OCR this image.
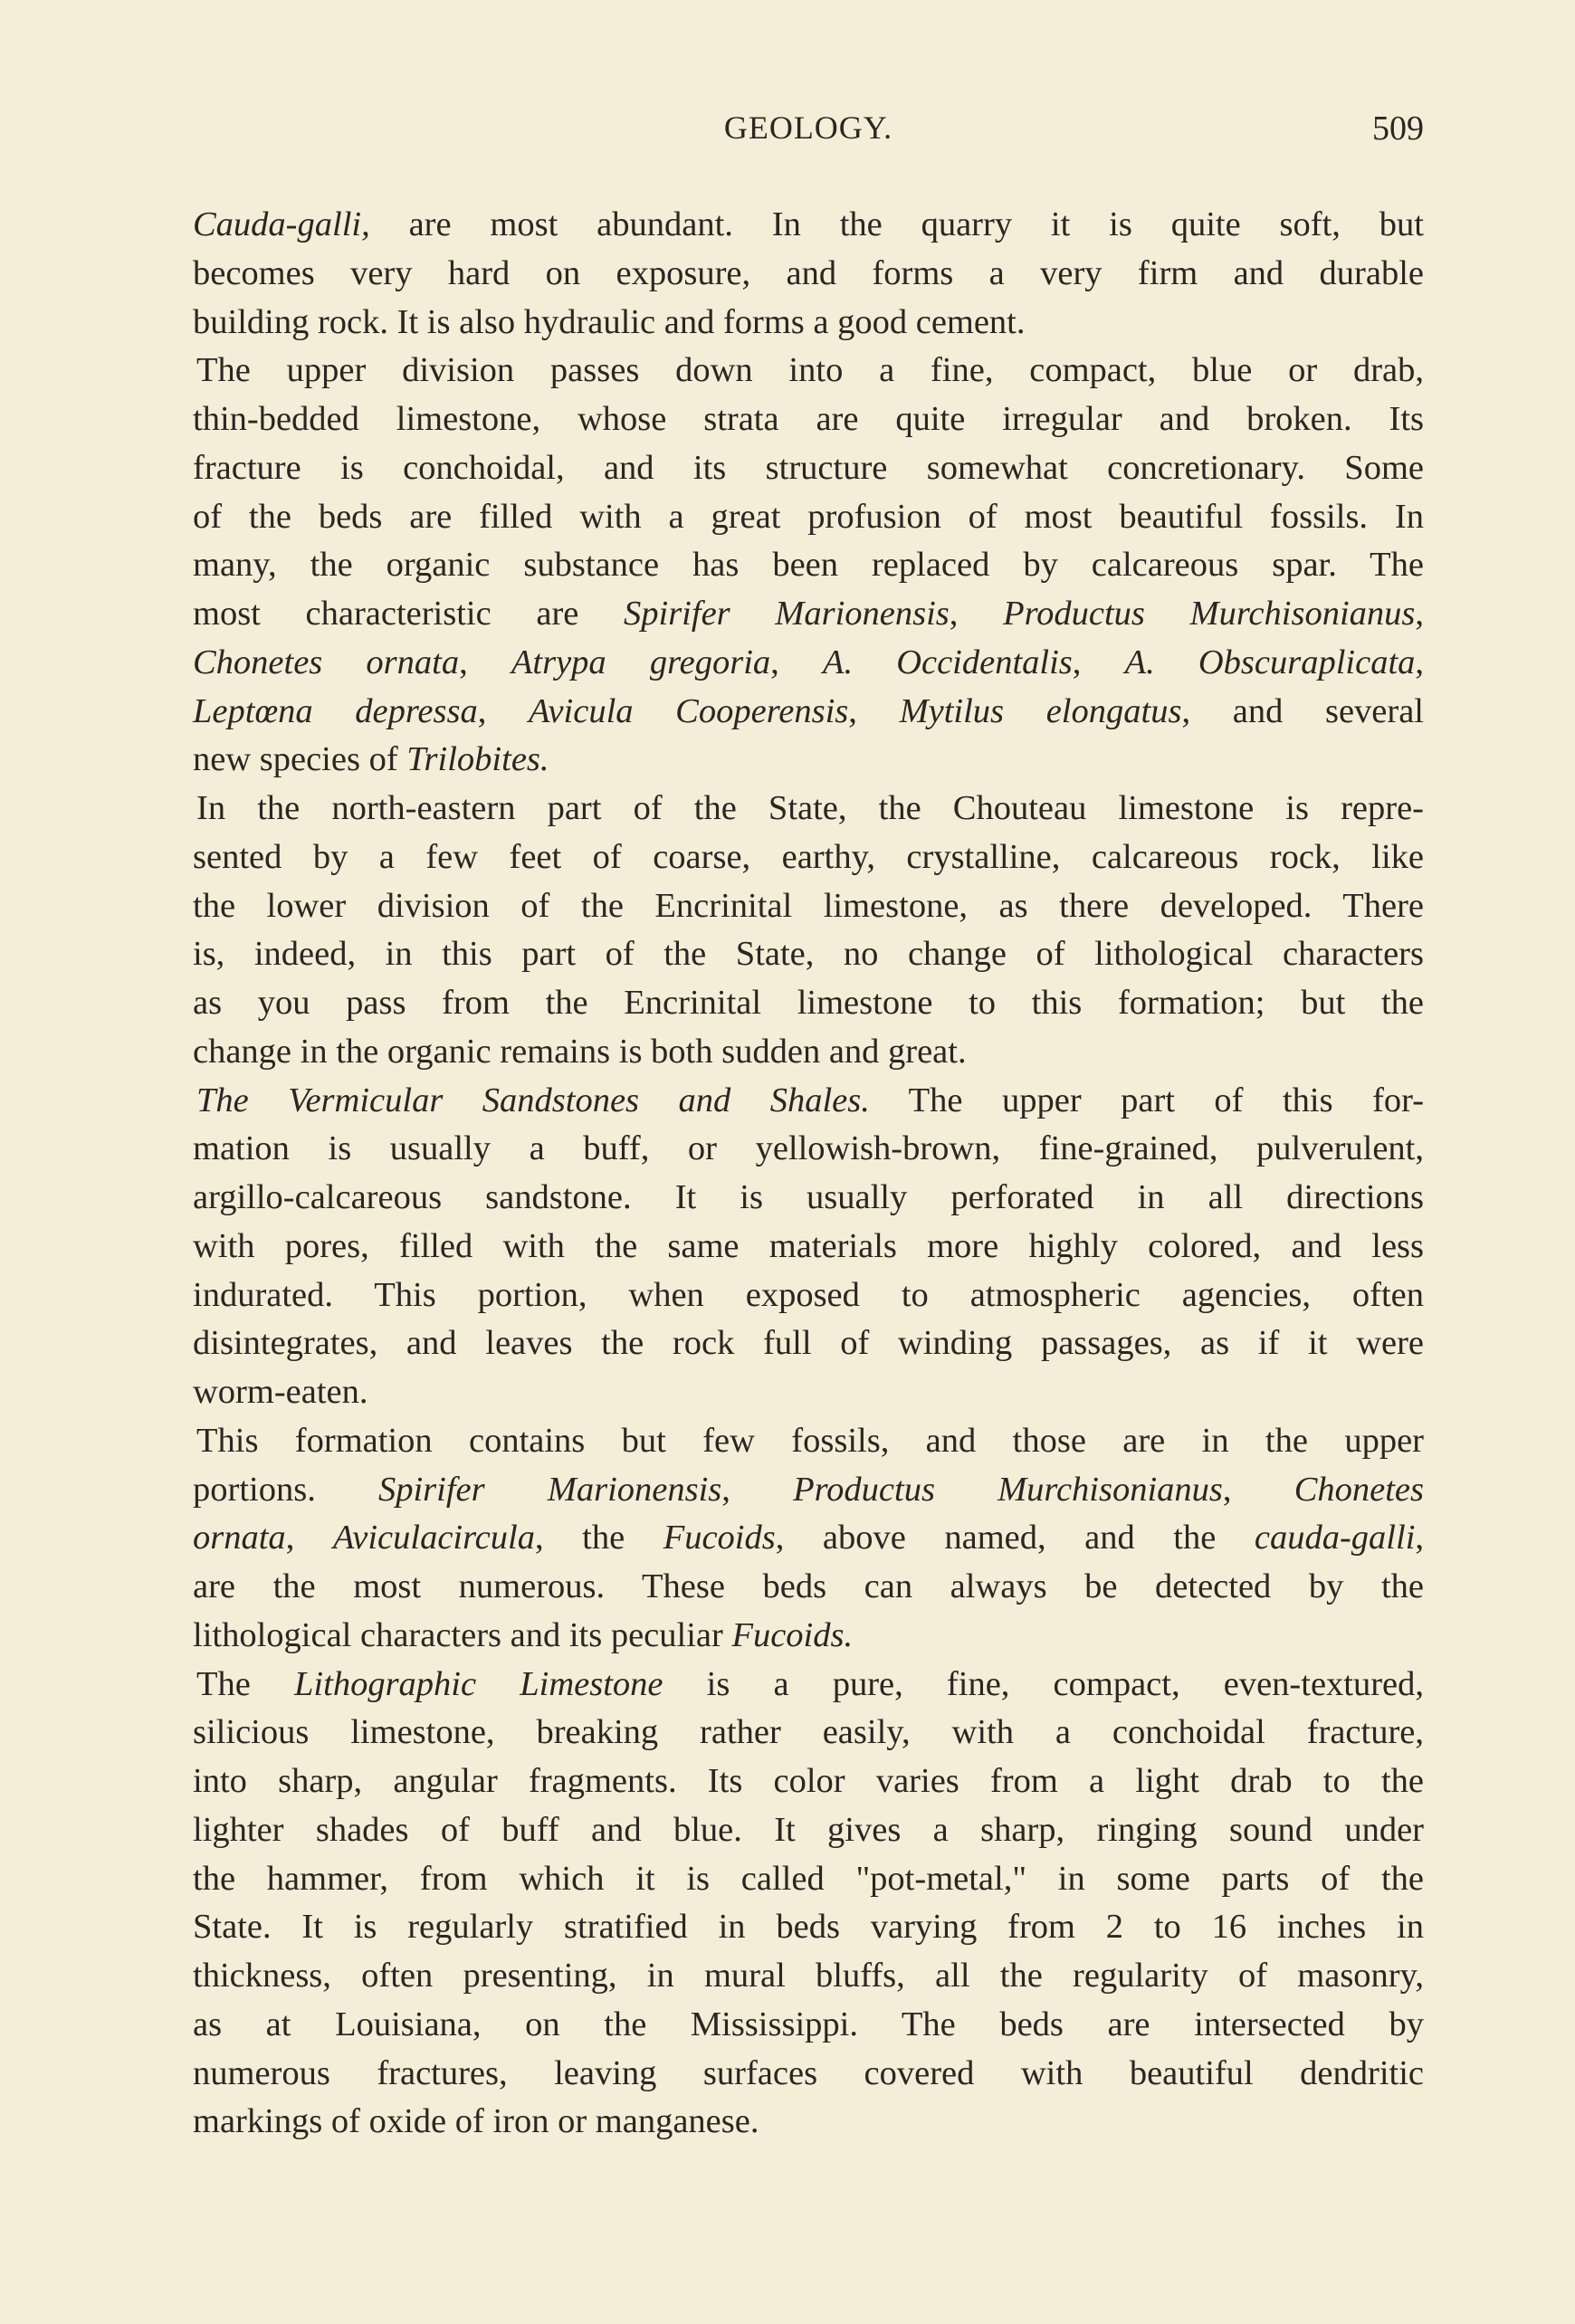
GEOLOGY.	509
Cauda-galli, are most abundant. In the quarry it is quite soft, but
becomes very hard on exposure, and forms a very firm and durable
building rock. It is also hydraulic and forms a good cement.
The upper division passes down into a fine, compact, blue or drab,
thin-bedded limestone, whose strata are quite irregular and broken. Its
fracture is conchoidal, and its structure somewhat concretionary. Some
of the beds are filled with a great profusion of most beautiful fossils. In
many, the organic substance has been replaced by calcareous spar. The
most characteristic are Spirifer Marionensis, Productus Murchisonianus,
Chonetes ornata, Atrypa gregoria, A. Occidentalis, A. Obscuraplicata,
Leptœna depressa, Avicula Cooperensis, Mytilus elongatus, and several
new species of Trilobites.
In the north-eastern part of the State, the Chouteau limestone is repre-
sented by a few feet of coarse, earthy, crystalline, calcareous rock, like
the lower division of the Encrinital limestone, as there developed. There
is, indeed, in this part of the State, no change of lithological characters
as you pass from the Encrinital limestone to this formation; but the
change in the organic remains is both sudden and great.
The Vermicular Sandstones and Shales. The upper part of this for-
mation is usually a buff, or yellowish-brown, fine-grained, pulverulent,
argillo-calcareous sandstone. It is usually perforated in all directions
with pores, filled with the same materials more highly colored, and less
indurated. This portion, when exposed to atmospheric agencies, often
disintegrates, and leaves the rock full of winding passages, as if it were
worm-eaten.
This formation contains but few fossils, and those are in the upper
portions. Spirifer Marionensis, Productus Murchisonianus, Chonetes
ornata, Aviculacircula, the Fucoids, above named, and the cauda-galli,
are the most numerous. These beds can always be detected by the
lithological characters and its peculiar Fucoids.
The Lithographic Limestone is a pure, fine, compact, even-textured,
silicious limestone, breaking rather easily, with a conchoidal fracture,
into sharp, angular fragments. Its color varies from a light drab to the
lighter shades of buff and blue. It gives a sharp, ringing sound under
the hammer, from which it is called "pot-metal," in some parts of the
State. It is regularly stratified in beds varying from 2 to 16 inches in
thickness, often presenting, in mural bluffs, all the regularity of masonry,
as at Louisiana, on the Mississippi. The beds are intersected by
numerous fractures, leaving surfaces covered with beautiful dendritic
markings of oxide of iron or manganese.
